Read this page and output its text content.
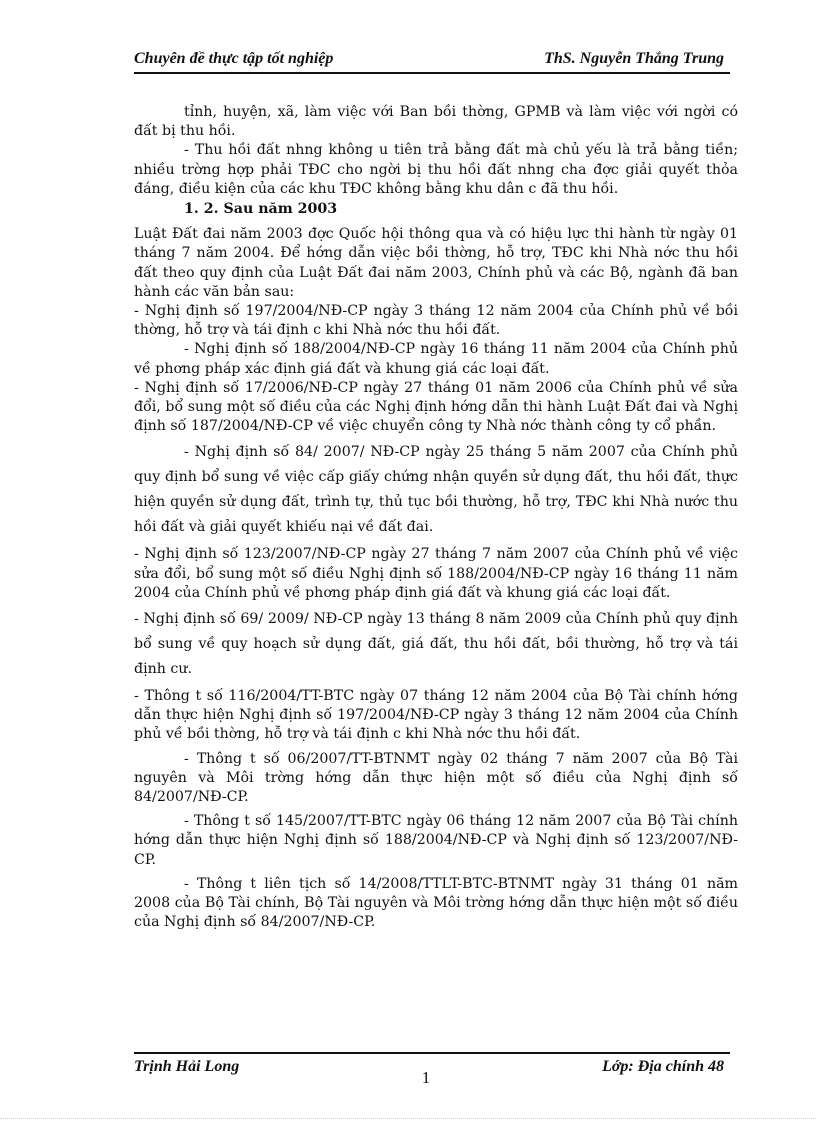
Chuyên đề thực tập tốt nghiệp	ThS. Nguyễn Thắng Trung

tỉnh, huyện, xã, làm việc với Ban bồi thờng, GPMB và làm việc với ngời có đất bị thu hồi.

- Thu hồi đất nhng không u tiên trả bằng đất mà chủ yếu là trả bằng tiền; nhiều trờng hợp phải TĐC cho ngời bị thu hồi đất nhng cha đợc giải quyết thỏa đáng, điều kiện của các khu TĐC không bằng khu dân c đã thu hồi.

1. 2. Sau năm 2003

Luật Đất đai năm 2003 đợc Quốc hội thông qua và có hiệu lực thi hành từ ngày 01 tháng 7 năm 2004. Để hớng dẫn việc bồi thờng, hỗ trợ, TĐC khi Nhà nớc thu hồi đất theo quy định của Luật Đất đai năm 2003, Chính phủ và các Bộ, ngành đã ban hành các văn bản sau:

- Nghị định số 197/2004/NĐ-CP ngày 3 tháng 12 năm 2004 của Chính phủ về bồi thờng, hỗ trợ và tái định c khi Nhà nớc thu hồi đất.

- Nghị định số 188/2004/NĐ-CP ngày 16 tháng 11 năm 2004 của Chính phủ về phơng pháp xác định giá đất và khung giá các loại đất.

- Nghị định số 17/2006/NĐ-CP ngày 27 tháng 01 năm 2006 của Chính phủ về sửa đổi, bổ sung một số điều của các Nghị định hớng dẫn thi hành Luật Đất đai và Nghị định số 187/2004/NĐ-CP về việc chuyển công ty Nhà nớc thành công ty cổ phần.

- Nghị định số 84/ 2007/ NĐ-CP ngày 25 tháng 5 năm 2007 của Chính phủ quy định bổ sung về việc cấp giấy chứng nhận quyền sử dụng đất, thu hồi đất, thực hiện quyền sử dụng đất, trình tự, thủ tục bồi thường, hỗ trợ, TĐC khi Nhà nước thu hồi đất và giải quyết khiếu nại về đất đai.

- Nghị định số 123/2007/NĐ-CP ngày 27 tháng 7 năm 2007 của Chính phủ về việc sửa đổi, bổ sung một số điều Nghị định số 188/2004/NĐ-CP ngày 16 tháng 11 năm 2004 của Chính phủ về phơng pháp định giá đất và khung giá các loại đất.

- Nghị định số 69/ 2009/ NĐ-CP ngày 13 tháng 8 năm 2009 của Chính phủ quy định bổ sung về quy hoạch sử dụng đất, giá đất, thu hồi đất, bồi thường, hỗ trợ và tái định cư.

- Thông t số 116/2004/TT-BTC ngày 07 tháng 12 năm 2004 của Bộ Tài chính hớng dẫn thực hiện Nghị định số 197/2004/NĐ-CP ngày 3 tháng 12 năm 2004 của Chính phủ về bồi thờng, hỗ trợ và tái định c khi Nhà nớc thu hồi đất.

- Thông t số 06/2007/TT-BTNMT ngày 02 tháng 7 năm 2007 của Bộ Tài nguyên và Môi trờng hớng dẫn thực hiện một số điều của Nghị định số 84/2007/NĐ-CP.

- Thông t số 145/2007/TT-BTC ngày 06 tháng 12 năm 2007 của Bộ Tài chính hớng dẫn thực hiện Nghị định số 188/2004/NĐ-CP và Nghị định số 123/2007/NĐ-CP.

- Thông t liên tịch số 14/2008/TTLT-BTC-BTNMT ngày 31 tháng 01 năm 2008 của Bộ Tài chính, Bộ Tài nguyên và Môi trờng hớng dẫn thực hiện một số điều của Nghị định số 84/2007/NĐ-CP.

Trịnh Hải Long	Lớp: Địa chính 48
1
